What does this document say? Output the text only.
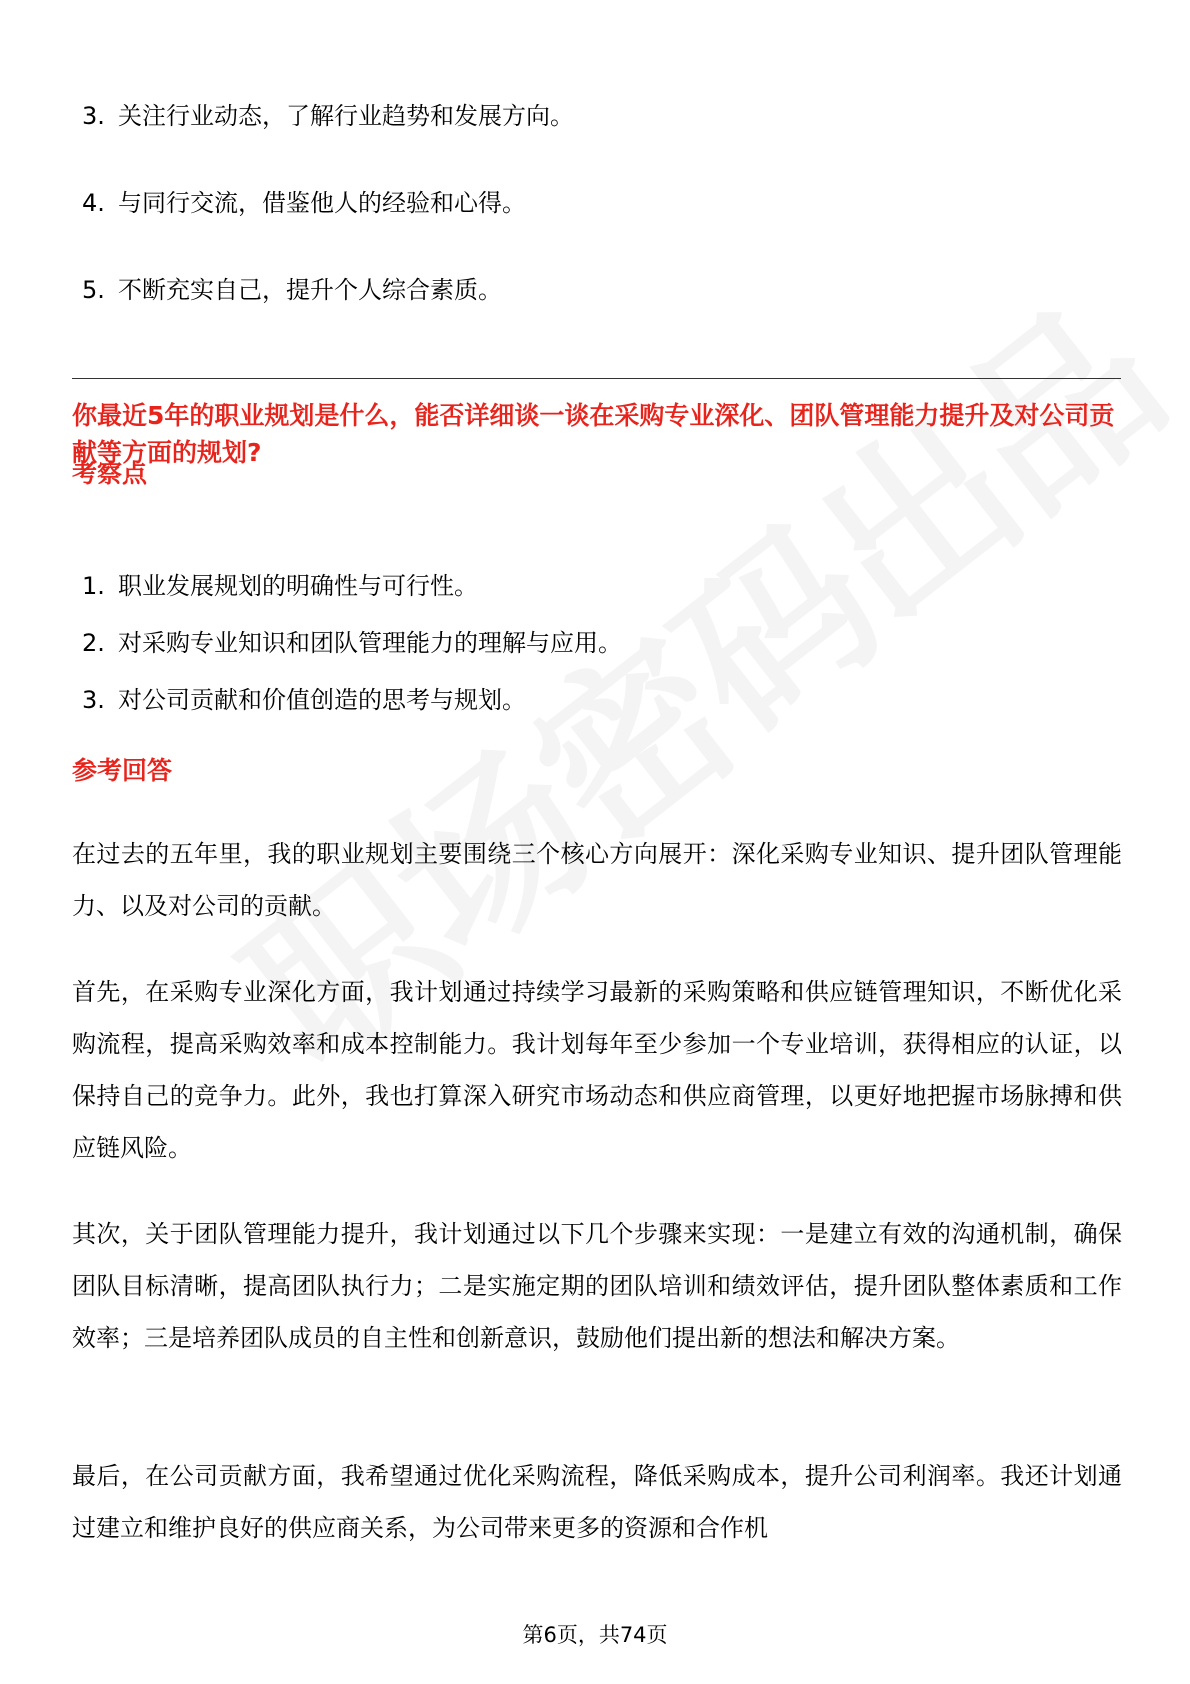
3. 关注行业动态，了解行业趋势和发展方向。
4. 与同行交流，借鉴他人的经验和心得。
5. 不断充实自己，提升个人综合素质。

你最近5年的职业规划是什么，能否详细谈一谈在采购专业深化、团队管理能力提升及对公司贡献等方面的规划?

考察点

1. 职业发展规划的明确性与可行性。
2. 对采购专业知识和团队管理能力的理解与应用。
3. 对公司贡献和价值创造的思考与规划。

参考回答

在过去的五年里，我的职业规划主要围绕三个核心方向展开：深化采购专业知识、提升团队管理能力、以及对公司的贡献。

首先，在采购专业深化方面，我计划通过持续学习最新的采购策略和供应链管理知识，不断优化采购流程，提高采购效率和成本控制能力。我计划每年至少参加一个专业培训，获得相应的认证，以保持自己的竞争力。此外，我也打算深入研究市场动态和供应商管理，以更好地把握市场脉搏和供应链风险。

其次，关于团队管理能力提升，我计划通过以下几个步骤来实现：一是建立有效的沟通机制，确保团队目标清晰，提高团队执行力；二是实施定期的团队培训和绩效评估，提升团队整体素质和工作效率；三是培养团队成员的自主性和创新意识，鼓励他们提出新的想法和解决方案。

最后，在公司贡献方面，我希望通过优化采购流程，降低采购成本，提升公司利润率。我还计划通过建立和维护良好的供应商关系，为公司带来更多的资源和合作机

第6页，共74页
